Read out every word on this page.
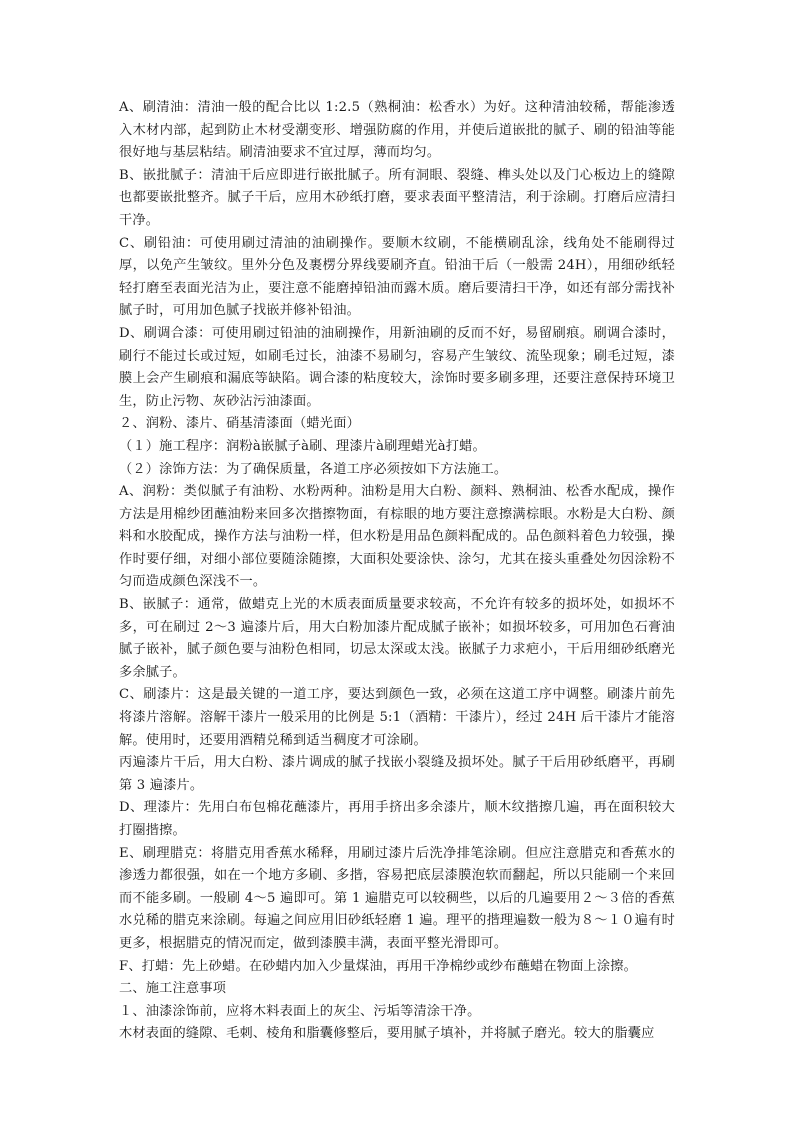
A、刷清油：清油一般的配合比以 1:2.5（熟桐油：松香水）为好。这种清油较稀，帮能渗透入木材内部，起到防止木材受潮变形、增强防腐的作用，并使后道嵌批的腻子、刷的铅油等能很好地与基层粘结。刷清油要求不宜过厚，薄而均匀。

B、嵌批腻子：清油干后应即进行嵌批腻子。所有洞眼、裂缝、榫头处以及门心板边上的缝隙也都要嵌批整齐。腻子干后，应用木砂纸打磨，要求表面平整清洁，利于涂刷。打磨后应清扫干净。

C、刷铅油：可使用刷过清油的油刷操作。要顺木纹刷，不能横刷乱涂，线角处不能刷得过厚，以免产生皱纹。里外分色及裹楞分界线要刷齐直。铅油干后（一般需 24H），用细砂纸轻轻打磨至表面光洁为止，要注意不能磨掉铅油而露木质。磨后要清扫干净，如还有部分需找补腻子时，可用加色腻子找嵌并修补铅油。

D、刷调合漆：可使用刷过铅油的油刷操作，用新油刷的反而不好，易留刷痕。刷调合漆时，刷行不能过长或过短，如刷毛过长，油漆不易刷匀，容易产生皱纹、流坠现象；刷毛过短，漆膜上会产生刷痕和漏底等缺陷。调合漆的粘度较大，涂饰时要多刷多理，还要注意保持环境卫生，防止污物、灰砂沾污油漆面。

２、润粉、漆片、硝基清漆面（蜡光面）

（１）施工程序：润粉à嵌腻子à刷、理漆片à刷理蜡光à打蜡。

（２）涂饰方法：为了确保质量，各道工序必须按如下方法施工。

A、润粉：类似腻子有油粉、水粉两种。油粉是用大白粉、颜料、熟桐油、松香水配成，操作方法是用棉纱团蘸油粉来回多次揩擦物面，有棕眼的地方要注意擦满棕眼。水粉是大白粉、颜料和水胶配成，操作方法与油粉一样，但水粉是用品色颜料配成的。品色颜料着色力较强，操作时要仔细，对细小部位要随涂随擦，大面积处要涂快、涂匀，尤其在接头重叠处勿因涂粉不匀而造成颜色深浅不一。

B、嵌腻子：通常，做蜡克上光的木质表面质量要求较高，不允许有较多的损坏处，如损坏不多，可在刷过 2～3 遍漆片后，用大白粉加漆片配成腻子嵌补；如损坏较多，可用加色石膏油腻子嵌补，腻子颜色要与油粉色相同，切忌太深或太浅。嵌腻子力求疤小，干后用细砂纸磨光多余腻子。

C、刷漆片：这是最关键的一道工序，要达到颜色一致，必须在这道工序中调整。刷漆片前先将漆片溶解。溶解干漆片一般采用的比例是 5:1（酒精：干漆片），经过 24H 后干漆片才能溶解。使用时，还要用酒精兑稀到适当稠度才可涂刷。

丙遍漆片干后，用大白粉、漆片调成的腻子找嵌小裂缝及损坏处。腻子干后用砂纸磨平，再刷第 3 遍漆片。

D、理漆片：先用白布包棉花蘸漆片，再用手挤出多余漆片，顺木纹揩擦几遍，再在面积较大打圈揩擦。

E、刷理腊克：将腊克用香蕉水稀释，用刷过漆片后洗净排笔涂刷。但应注意腊克和香蕉水的渗透力都很强，如在一个地方多刷、多揩，容易把底层漆膜泡软而翻起，所以只能刷一个来回而不能多刷。一般刷 4～5 遍即可。第 1 遍腊克可以较稠些，以后的几遍要用２～３倍的香蕉水兑稀的腊克来涂刷。每遍之间应用旧砂纸轻磨 1 遍。理平的揩理遍数一般为８～１０遍有时更多，根据腊克的情况而定，做到漆膜丰满，表面平整光滑即可。

F、打蜡：先上砂蜡。在砂蜡内加入少量煤油，再用干净棉纱或纱布蘸蜡在物面上涂擦。

二、施工注意事项

１、油漆涂饰前，应将木料表面上的灰尘、污垢等清涂干净。

木材表面的缝隙、毛刺、棱角和脂囊修整后，要用腻子填补，并将腻子磨光。较大的脂囊应
